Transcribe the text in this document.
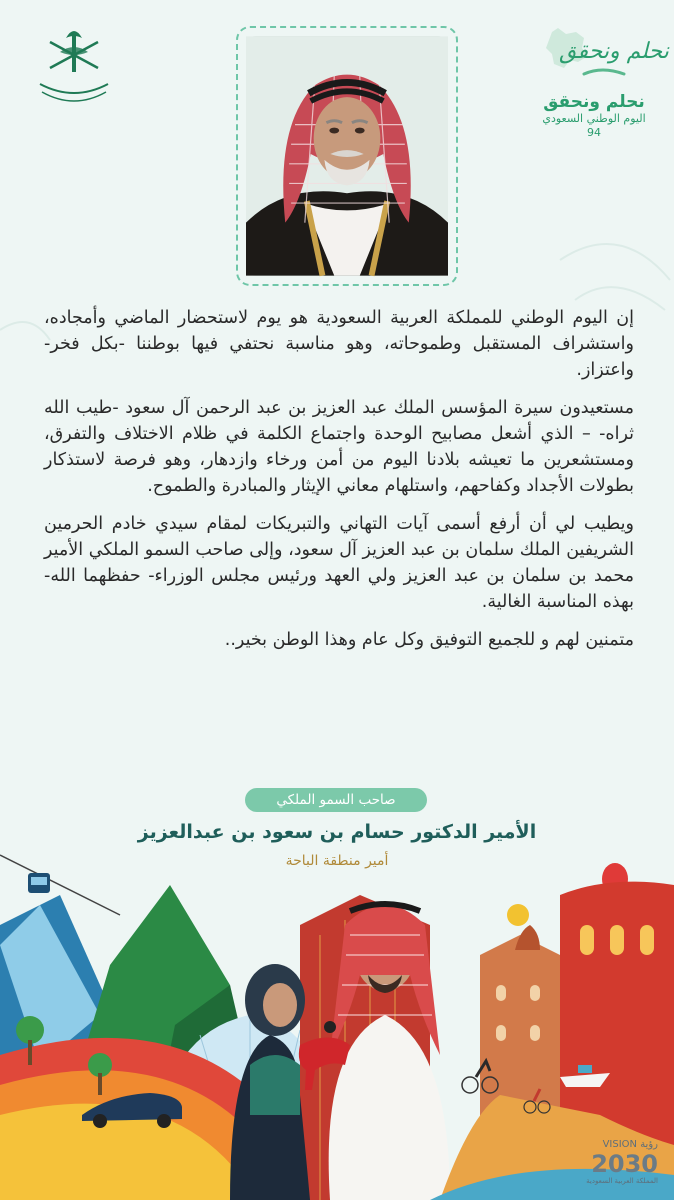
نحلم ونحقق
نحلم ونحقق
اليوم الوطني السعودي 94

إن اليوم الوطني للمملكة العربية السعودية هو يوم لاستحضار الماضي وأمجاده، واستشراف المستقبل وطموحاته، وهو مناسبة نحتفي فيها بوطننا -بكل فخر- واعتزاز.

مستعيدون سيرة المؤسس الملك عبد العزيز بن عبد الرحمن آل سعود -طيب الله ثراه- – الذي أشعل مصابيح الوحدة واجتماع الكلمة في ظلام الاختلاف والتفرق، ومستشعرين ما تعيشه بلادنا اليوم من أمن ورخاء وازدهار، وهو فرصة لاستذكار بطولات الأجداد وكفاحهم، واستلهام معاني الإيثار والمبادرة والطموح.

ويطيب لي أن أرفع أسمى آيات التهاني والتبريكات لمقام سيدي خادم الحرمين الشريفين الملك سلمان بن عبد العزيز آل سعود، وإلى صاحب السمو الملكي الأمير محمد بن سلمان بن عبد العزيز ولي العهد ورئيس مجلس الوزراء- حفظهما الله- بهذه المناسبة الغالية.

متمنين لهم و للجميع التوفيق وكل عام وهذا الوطن بخير..

صاحب السمو الملكي
الأمير الدكتور حسام بن سعود بن عبدالعزيز
أمير منطقة الباحة
VISION رؤية
2030
المملكة العربية السعودية
